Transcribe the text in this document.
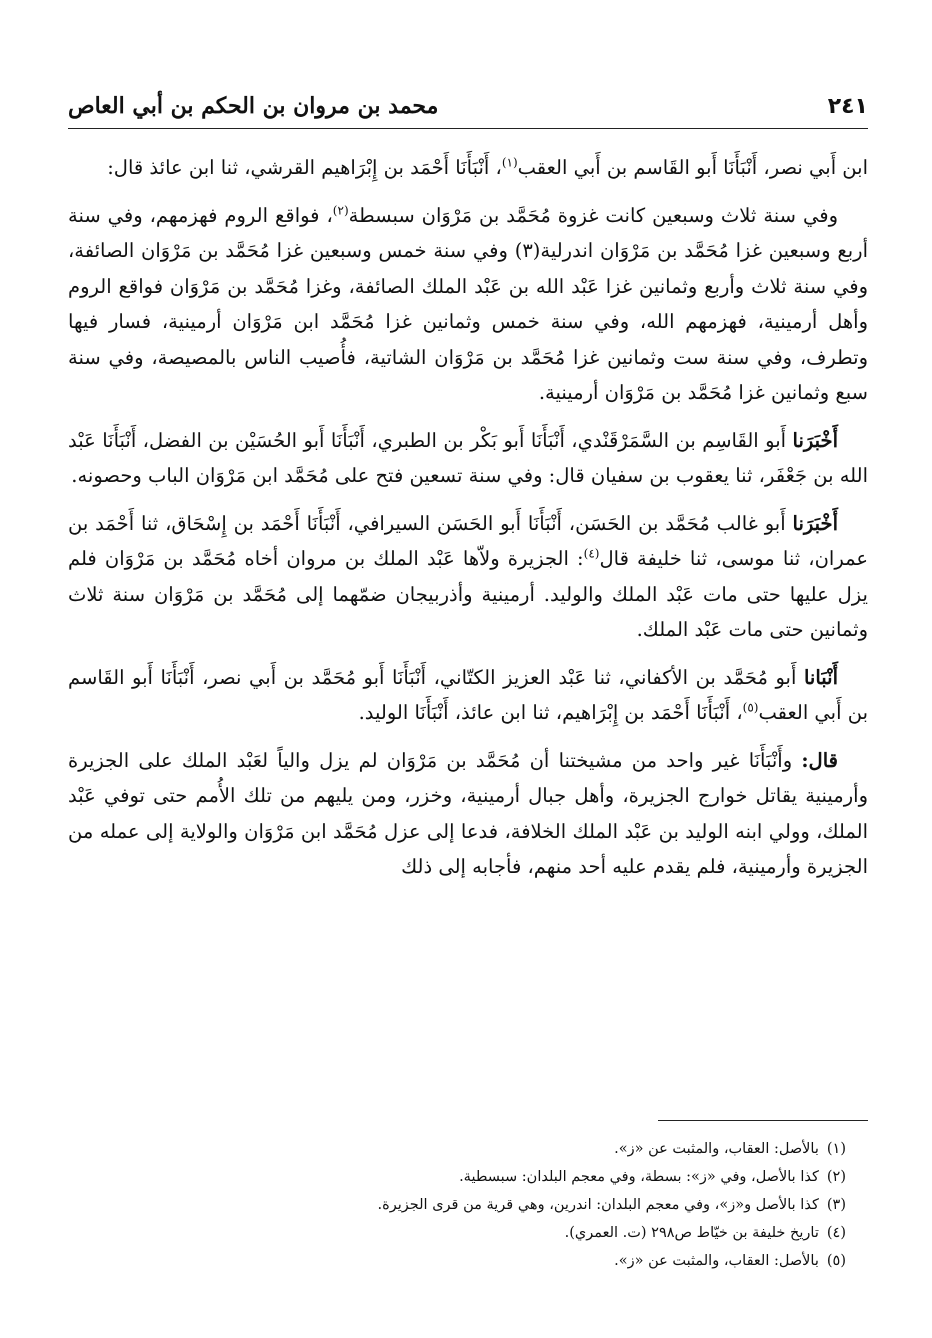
محمد بن مروان بن الحكم بن أبي العاص	٢٤١

ابن أَبي نصر، أَنْبَأَنَا أَبو القَاسم بن أَبي العقب$^{(١)}$، أَنْبَأَنَا أَحْمَد بن إِبْرَاهيم القرشي، ثنا ابن عائذ قال:

وفي سنة ثلاث وسبعين كانت غزوة مُحَمَّد بن مَرْوَان سبسطة$^{(٢)}$، فواقع الروم فهزمهم، وفي سنة أربع وسبعين غزا مُحَمَّد بن مَرْوَان اندرلية(٣) وفي سنة خمس وسبعين غزا مُحَمَّد بن مَرْوَان الصائفة، وفي سنة ثلاث وأربع وثمانين غزا عَبْد الله بن عَبْد الملك الصائفة، وغزا مُحَمَّد بن مَرْوَان فواقع الروم وأهل أرمينية، فهزمهم الله، وفي سنة خمس وثمانين غزا مُحَمَّد ابن مَرْوَان أرمينية، فسار فيها وتطرف، وفي سنة ست وثمانين غزا مُحَمَّد بن مَرْوَان الشاتية، فأُصيب الناس بالمصيصة، وفي سنة سبع وثمانين غزا مُحَمَّد بن مَرْوَان أرمينية.

أَخْبَرَنا أَبو القَاسِم بن السَّمَرْقَنْدي، أَنْبَأَنَا أَبو بَكْر بن الطبري، أَنْبَأَنَا أَبو الحُسَيْن بن الفضل، أَنْبَأَنَا عَبْد الله بن جَعْفَر، ثنا يعقوب بن سفيان قال: وفي سنة تسعين فتح على مُحَمَّد ابن مَرْوَان الباب وحصونه.

أَخْبَرَنا أَبو غالب مُحَمَّد بن الحَسَن، أَنْبَأَنَا أَبو الحَسَن السيرافي، أَنْبَأَنَا أَحْمَد بن إِسْحَاق، ثنا أَحْمَد بن عمران، ثنا موسى، ثنا خليفة قال$^{(٤)}$: الجزيرة ولاّها عَبْد الملك بن مروان أخاه مُحَمَّد بن مَرْوَان فلم يزل عليها حتى مات عَبْد الملك والوليد. أرمينية وأذربيجان ضمّهما إلى مُحَمَّد بن مَرْوَان سنة ثلاث وثمانين حتى مات عَبْد الملك.

أَنْبَانا أَبو مُحَمَّد بن الأكفاني، ثنا عَبْد العزيز الكتّاني، أَنْبَأَنَا أَبو مُحَمَّد بن أَبي نصر، أَنْبَأَنَا أَبو القَاسم بن أَبي العقب$^{(٥)}$، أَنْبَأَنَا أَحْمَد بن إِبْرَاهيم، ثنا ابن عائذ، أَنْبَأَنَا الوليد.

قال: وأَنْبَأَنَا غير واحد من مشيختنا أن مُحَمَّد بن مَرْوَان لم يزل والياً لعَبْد الملك على الجزيرة وأرمينية يقاتل خوارج الجزيرة، وأهل جبال أرمينية، وخزر، ومن يليهم من تلك الأُمم حتى توفي عَبْد الملك، وولي ابنه الوليد بن عَبْد الملك الخلافة، فدعا إلى عزل مُحَمَّد ابن مَرْوَان والولاية إلى عمله من الجزيرة وأرمينية، فلم يقدم عليه أحد منهم، فأجابه إلى ذلك

(١)
بالأصل: العقاب، والمثبت عن «ز».
(٢)
كذا بالأصل، وفي «ز»: بسطة، وفي معجم البلدان: سبسطية.
(٣)
كذا بالأصل و«ز»، وفي معجم البلدان: اندرين، وهي قرية من قرى الجزيرة.
(٤)
تاريخ خليفة بن خيّاط ص٢٩٨ (ت. العمري).
(٥)
بالأصل: العقاب، والمثبت عن «ز».
